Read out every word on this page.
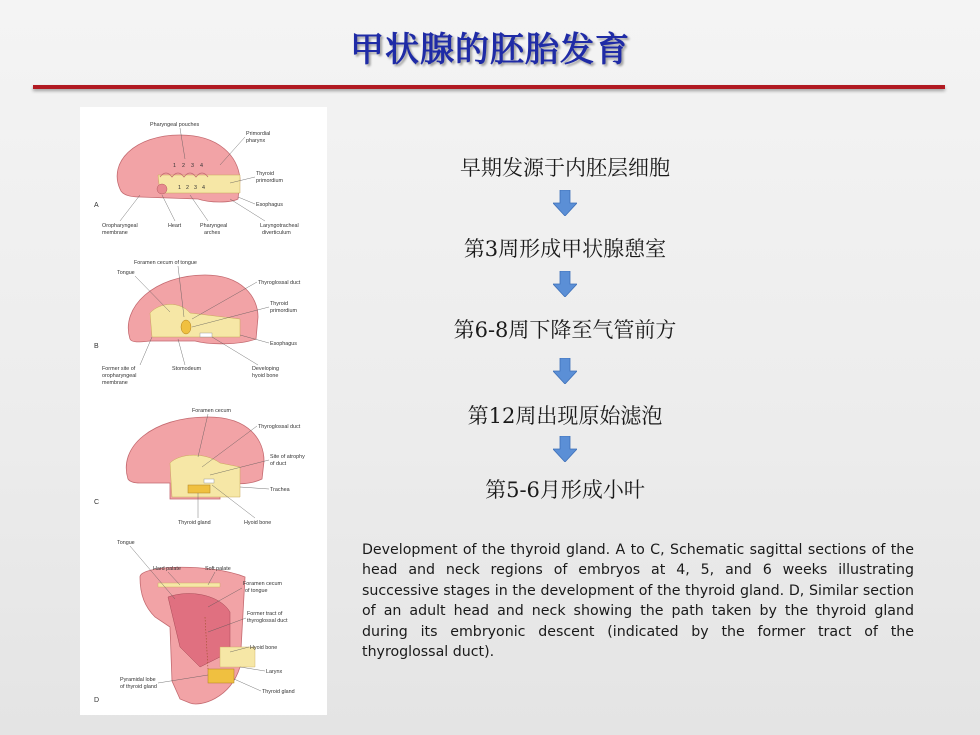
甲状腺的胚胎发育
A
Pharyngeal pouches
Primordial
pharynx
Thyroid
primordium
Esophagus
Oropharyngeal
membrane
Heart	Pharyngeal
arches
Laryngotracheal
diverticulum
1 2 3 4
1 2 3 4
B
Foramen cecum of tongue
Tongue
Thyroglossal duct
Thyroid
primordium
Esophagus
Former site of
oropharyngeal
membrane
Stomodeum	Developing
hyoid bone
C
Foramen cecum
Thyroglossal duct
Site of atrophy
of duct
Trachea
Thyroid gland	Hyoid bone
D
Tongue
Hard palate	Soft palate
Foramen cecum
of tongue
Former tract of
thyroglossal duct
Hyoid bone
Larynx
Pyramidal lobe
of thyroid gland
Thyroid gland
早期发源于内胚层细胞
第3周形成甲状腺憩室
第6-8周下降至气管前方
第12周出现原始滤泡
第5-6月形成小叶
Development of the thyroid gland. A to C, Schematic sagittal sections of the head and neck regions of embryos at 4, 5, and 6 weeks illustrating successive stages in the development of the thyroid gland. D, Similar section of an adult head and neck showing the path taken by the thyroid gland during its embryonic descent (indicated by the former tract of the thyroglossal duct).
